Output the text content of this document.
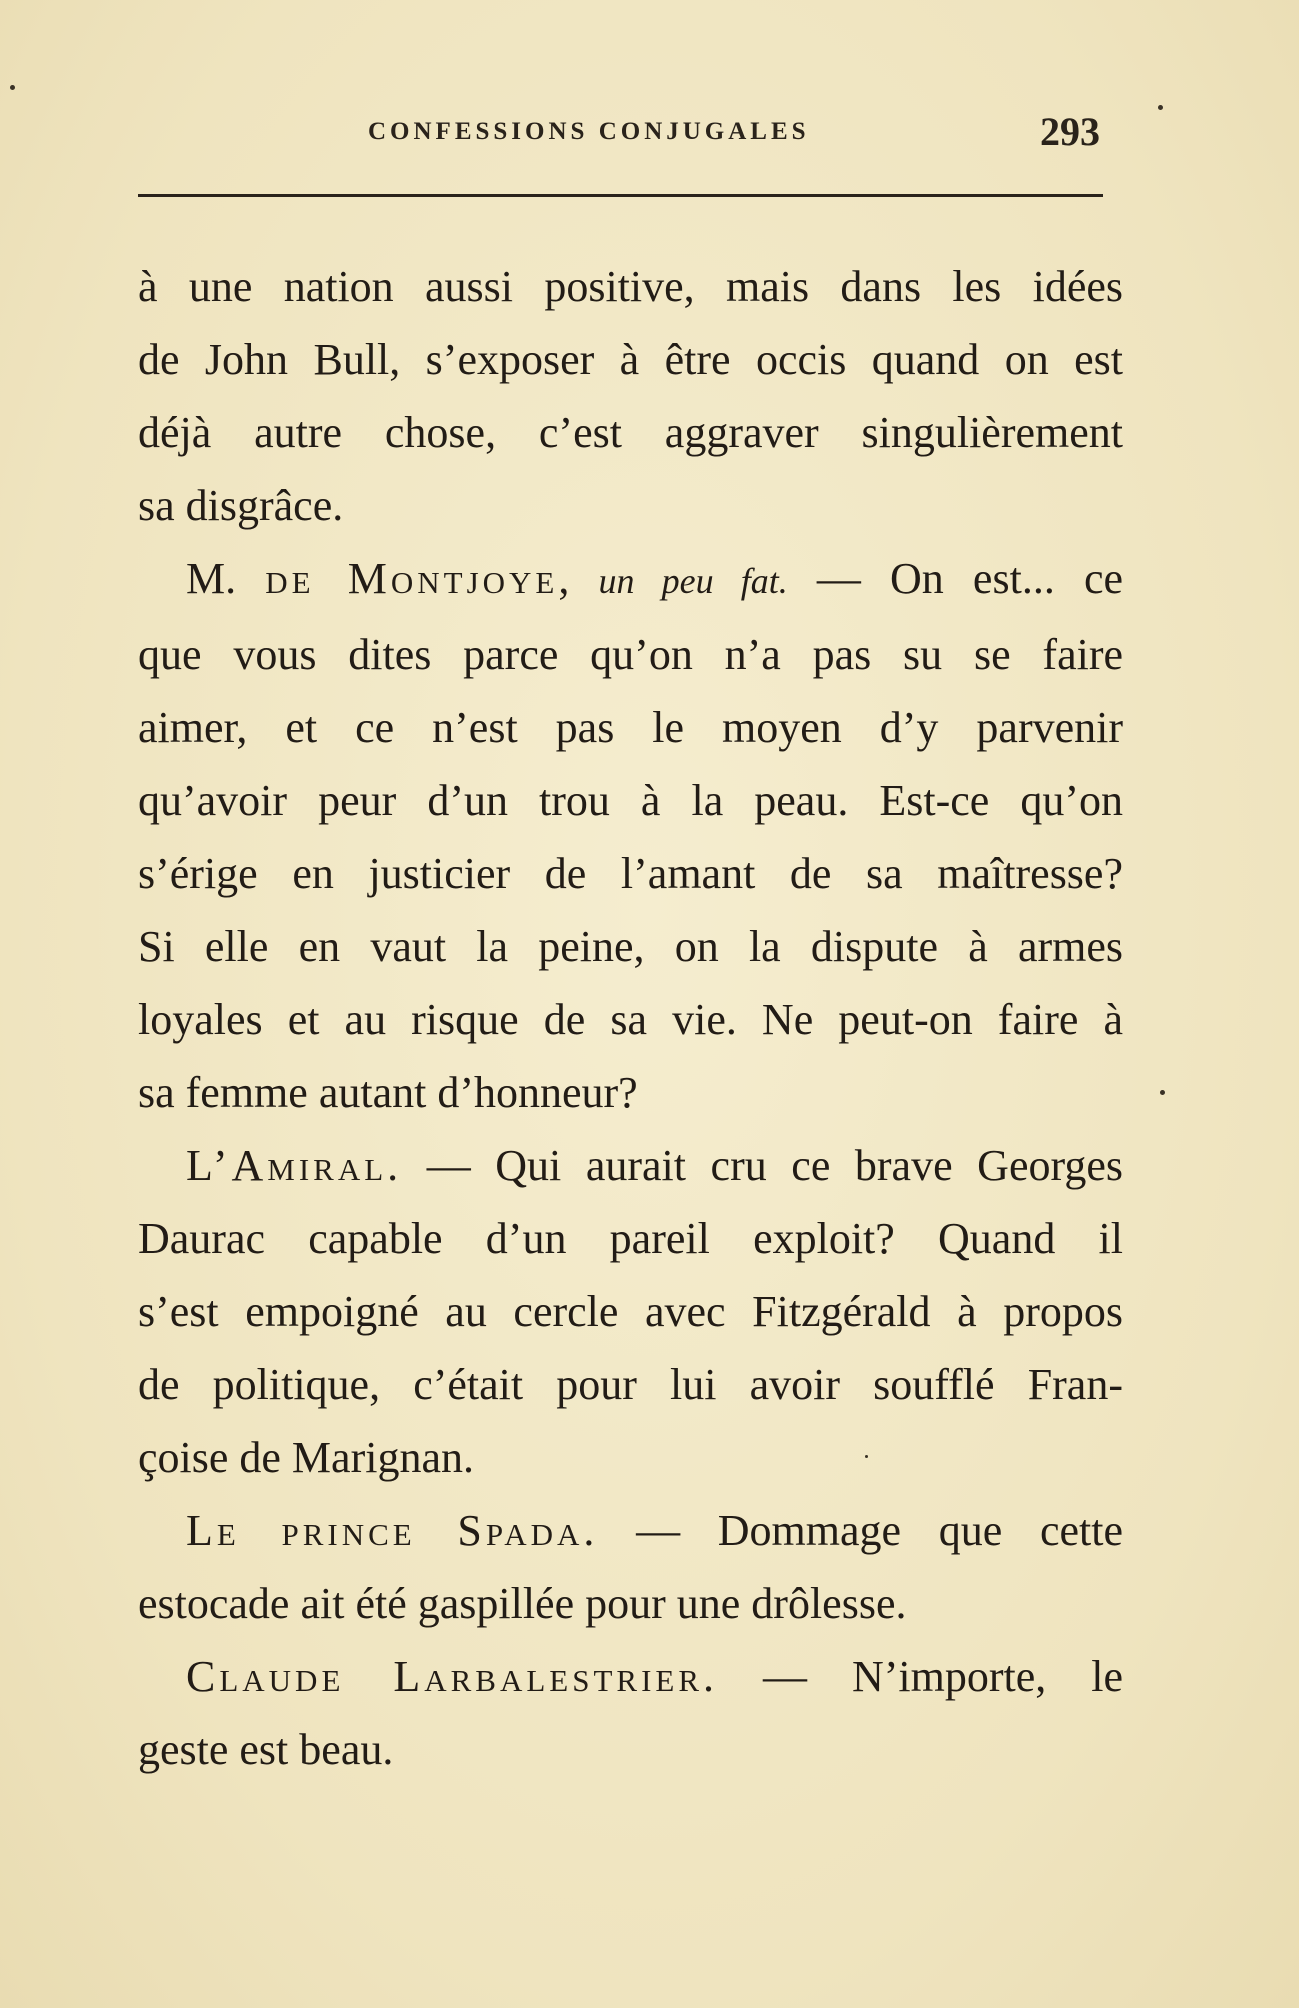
CONFESSIONS CONJUGALES	293
à une nation aussi positive, mais dans les idées
de John Bull, s’exposer à être occis quand on est
déjà autre chose, c’est aggraver singulièrement
sa disgrâce.
M. de Montjoye, un peu fat. — On est... ce
que vous dites parce qu’on n’a pas su se faire
aimer, et ce n’est pas le moyen d’y parvenir
qu’avoir peur d’un trou à la peau. Est-ce qu’on
s’érige en justicier de l’amant de sa maîtresse?
Si elle en vaut la peine, on la dispute à armes
loyales et au risque de sa vie. Ne peut-on faire à
sa femme autant d’honneur?
L’Amiral. — Qui aurait cru ce brave Georges
Daurac capable d’un pareil exploit? Quand il
s’est empoigné au cercle avec Fitzgérald à propos
de politique, c’était pour lui avoir soufflé Fran-
çoise de Marignan.
Le prince Spada. — Dommage que cette
estocade ait été gaspillée pour une drôlesse.
Claude Larbalestrier. — N’importe, le
geste est beau.
